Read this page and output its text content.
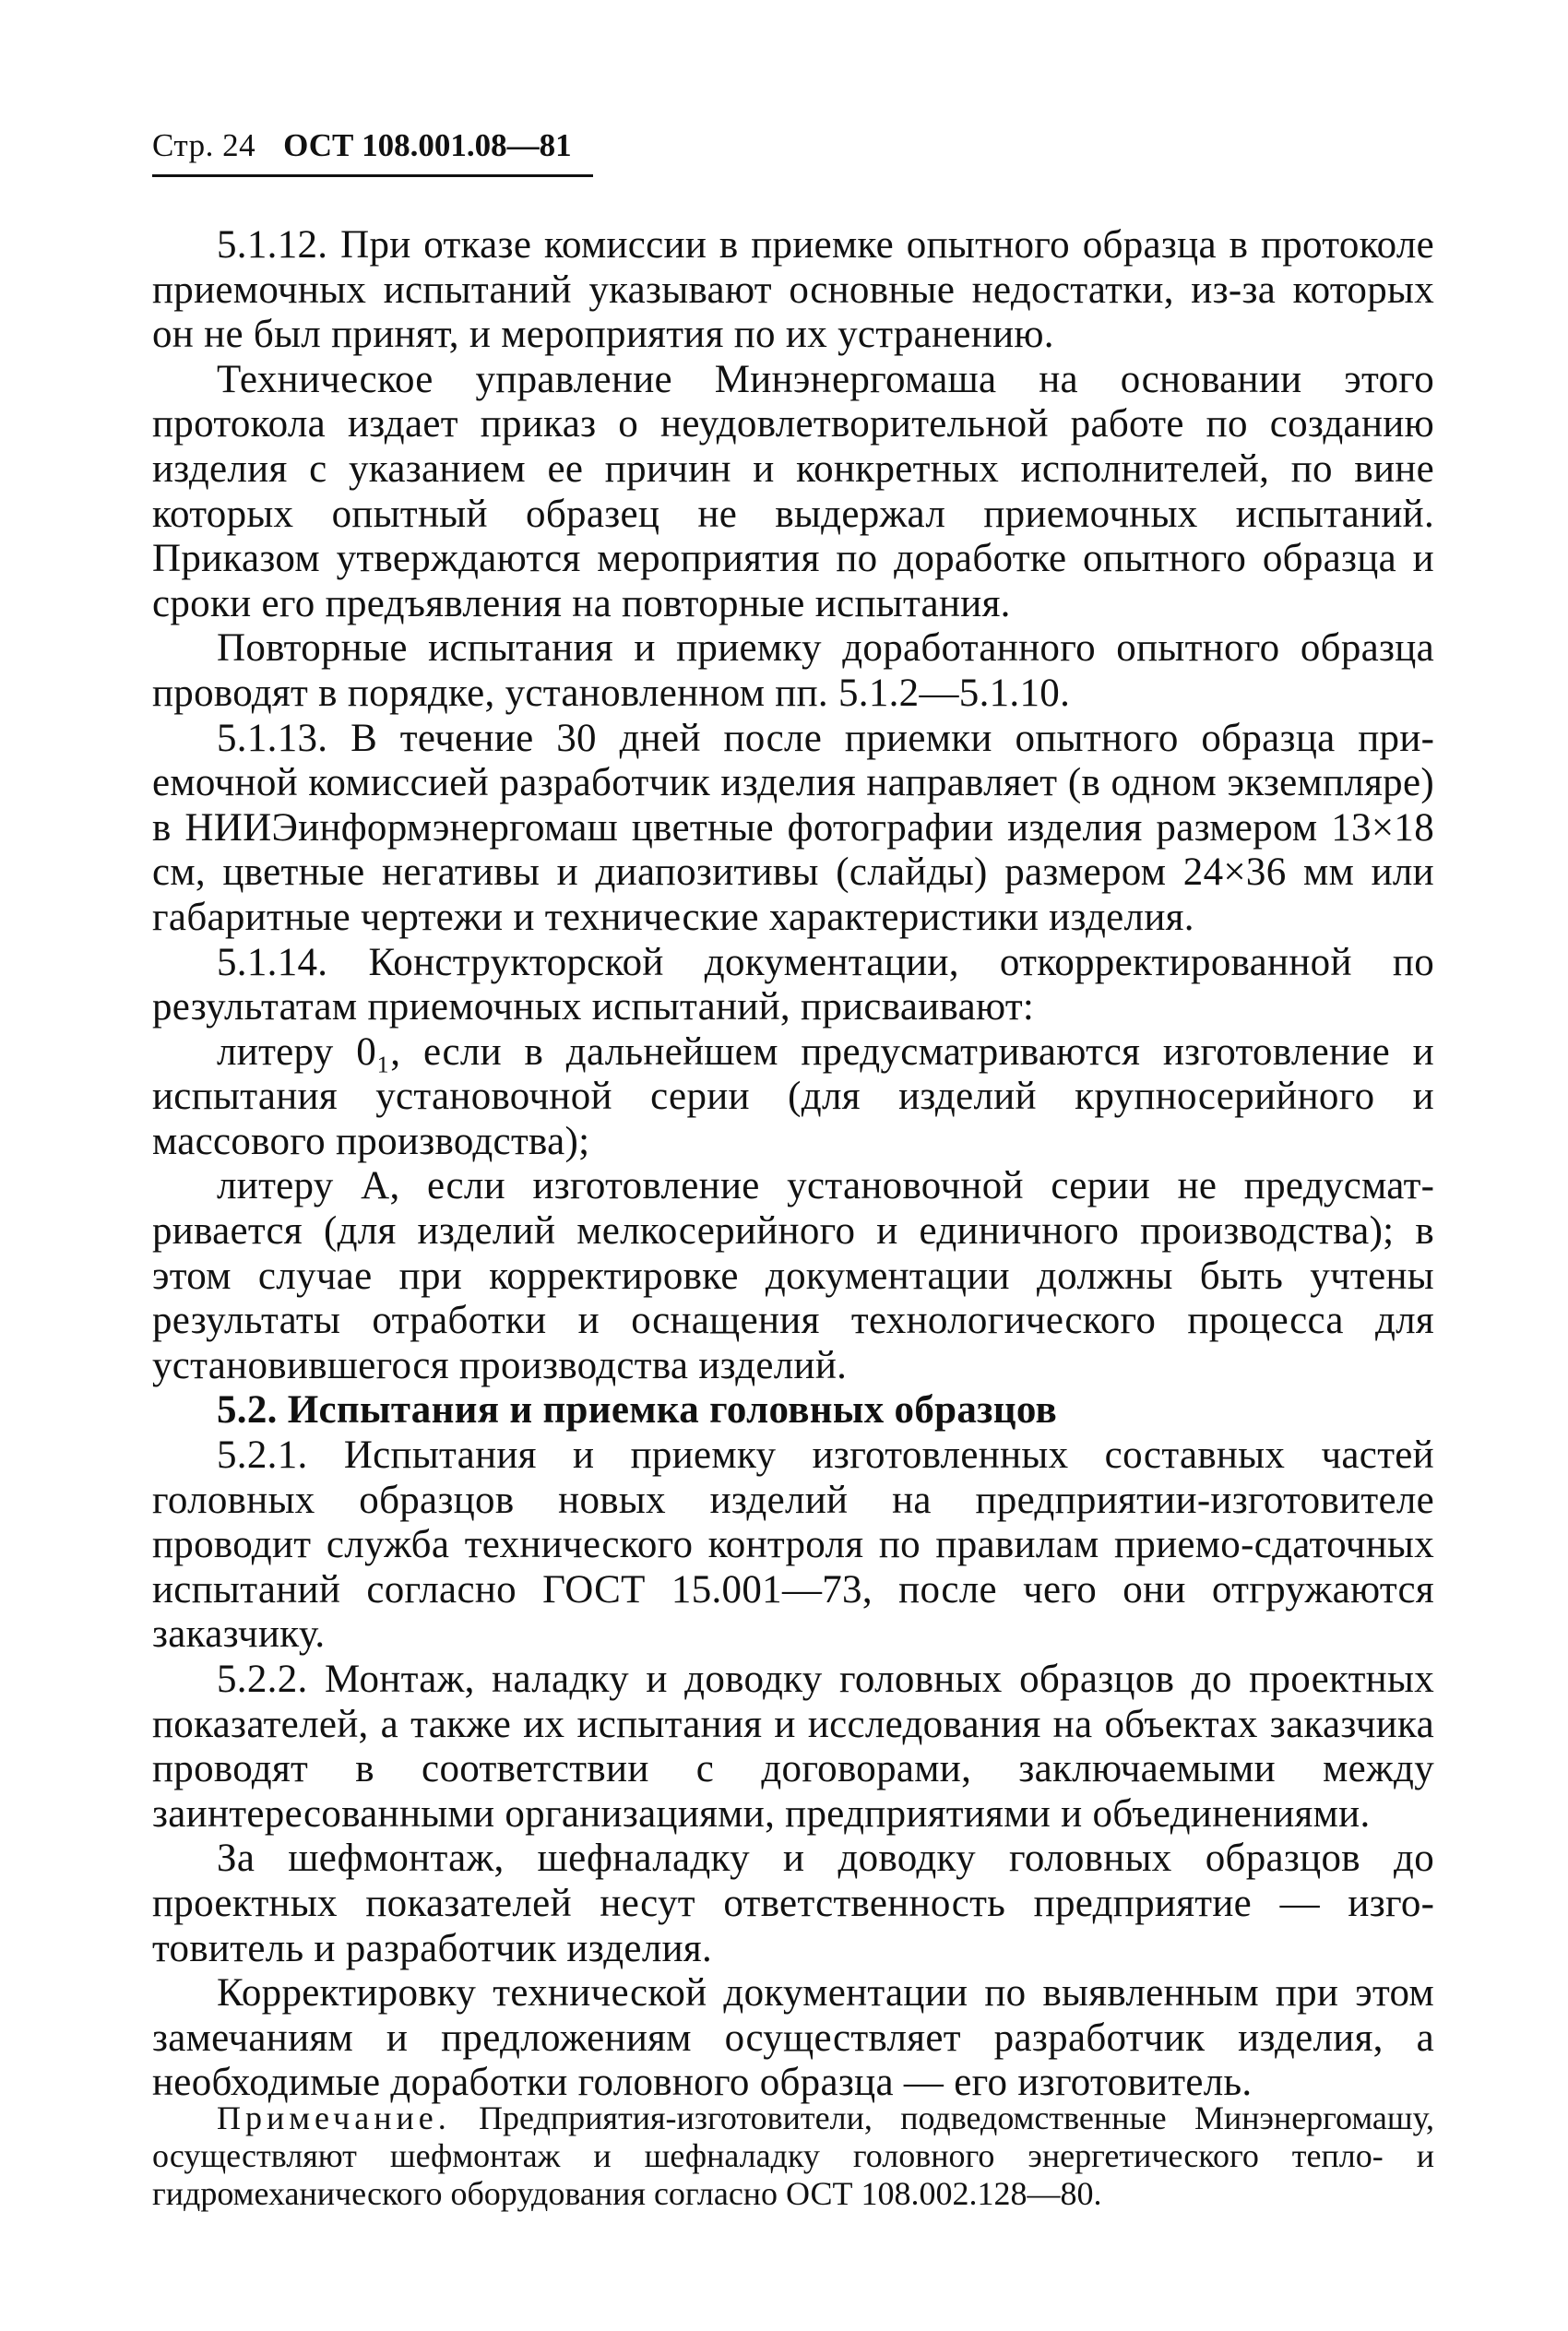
Стр. 24 ОСТ 108.001.08—81

5.1.12. При отказе комиссии в приемке опытного образца в протоколе приемочных испытаний указывают основные недостатки, из-за которых он не был принят, и мероприятия по их устранению.

Техническое управление Минэнергомаша на основании этого протокола издает приказ о неудовлетворительной работе по созданию изделия с указанием ее причин и конкретных исполнителей, по вине которых опытный образец не выдержал приемочных испытаний. Приказом утверждаются мероприятия по доработке опытного образца и сроки его предъявления на повторные испытания.

Повторные испытания и приемку доработанного опытного образца проводят в порядке, установленном пп. 5.1.2—5.1.10.

5.1.13. В течение 30 дней после приемки опытного образца приемочной комиссией разработчик изделия направляет (в одном экземпляре) в НИИЭинформэнергомаш цветные фотографии изделия размером 13×18 см, цветные негативы и диапозитивы (слайды) размером 24×36 мм или габаритные чертежи и технические характеристики изделия.

5.1.14. Конструкторской документации, откорректированной по результатам приемочных испытаний, присваивают:

литеру 0₁, если в дальнейшем предусматриваются изготовление и испытания установочной серии (для изделий крупносерийного и массового производства);

литеру А, если изготовление установочной серии не предусматривается (для изделий мелкосерийного и единичного производства); в этом случае при корректировке документации должны быть учтены результаты отработки и оснащения технологического процесса для установившегося производства изделий.

5.2. Испытания и приемка головных образцов

5.2.1. Испытания и приемку изготовленных составных частей головных образцов новых изделий на предприятии-изготовителе проводит служба технического контроля по правилам приемо-сдаточных испытаний согласно ГОСТ 15.001—73, после чего они отгружаются заказчику.

5.2.2. Монтаж, наладку и доводку головных образцов до проектных показателей, а также их испытания и исследования на объектах заказчика проводят в соответствии с договорами, заключаемыми между заинтересованными организациями, предприятиями и объединениями.

За шефмонтаж, шефналадку и доводку головных образцов до проектных показателей несут ответственность предприятие — изготовитель и разработчик изделия.

Корректировку технической документации по выявленным при этом замечаниям и предложениям осуществляет разработчик изделия, а необходимые доработки головного образца — его изготовитель.

Примечание. Предприятия-изготовители, подведомственные Минэнергомашу, осуществляют шефмонтаж и шефналадку головного энергетического тепло- и гидромеханического оборудования согласно ОСТ 108.002.128—80.
